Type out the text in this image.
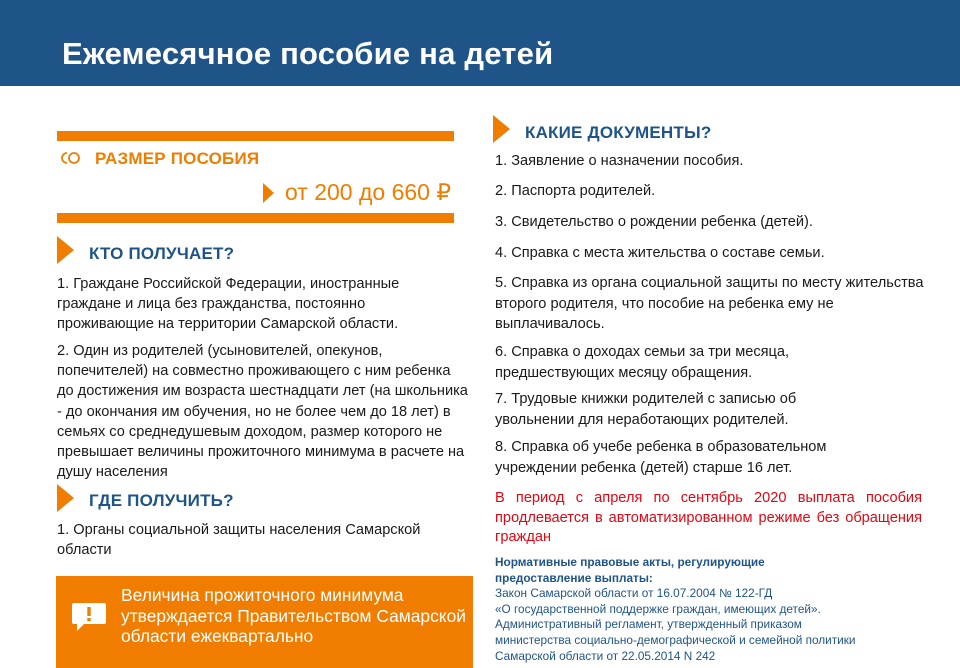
Ежемесячное пособие на детей
РАЗМЕР ПОСОБИЯ
от 200 до 660 ₽
КТО ПОЛУЧАЕТ?
1. Граждане Российской Федерации, иностранные граждане и лица без гражданства, постоянно проживающие на территории Самарской области.
2. Один из родителей (усыновителей, опекунов, попечителей) на совместно проживающего с ним ребенка до достижения им возраста шестнадцати лет (на школьника - до окончания им обучения, но не более чем до 18 лет) в семьях со среднедушевым доходом, размер которого не превышает величины прожиточного минимума в расчете на душу населения
ГДЕ ПОЛУЧИТЬ?
1. Органы социальной защиты населения Самарской области
Величина прожиточного минимума утверждается Правительством Самарской области ежеквартально
КАКИЕ ДОКУМЕНТЫ?
1. Заявление о назначении пособия.
2. Паспорта родителей.
3. Свидетельство о рождении ребенка (детей).
4. Справка с места жительства о составе семьи.
5. Справка из органа социальной защиты по месту жительства второго родителя, что пособие на ребенка ему не выплачивалось.
6. Справка о доходах семьи за три месяца, предшествующих месяцу обращения.
7. Трудовые книжки родителей с записью об увольнении для неработающих родителей.
8. Справка об учебе ребенка в образовательном учреждении ребенка (детей) старше 16 лет.
В период с апреля по сентябрь 2020 выплата пособия продлевается в автоматизированном режиме без обращения граждан
Нормативные правовые акты, регулирующие
предоставление выплаты:
Закон Самарской области от 16.07.2004 № 122-ГД
«О государственной поддержке граждан, имеющих детей».
Административный регламент, утвержденный приказом
министерства социально-демографической и семейной политики
Самарской области от 22.05.2014 N 242
